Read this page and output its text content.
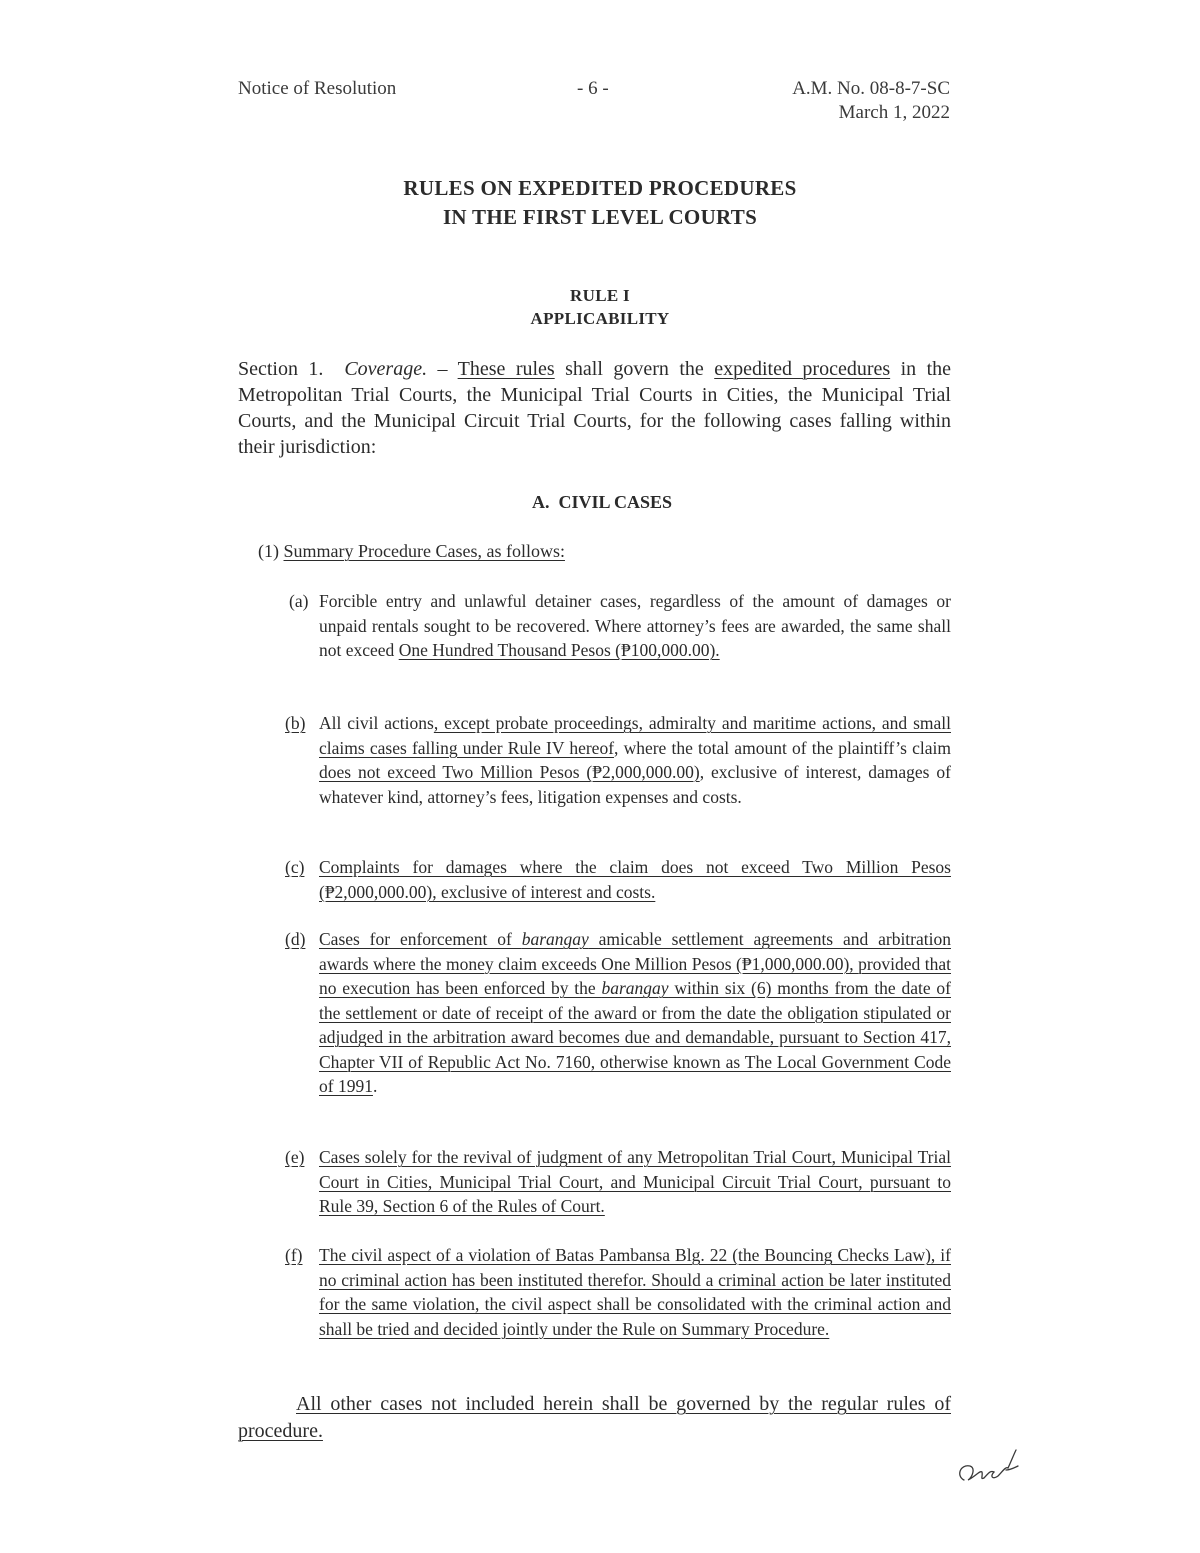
Notice of Resolution	- 6 -	A.M. No. 08-8-7-SC
March 1, 2022
RULES ON EXPEDITED PROCEDURES
IN THE FIRST LEVEL COURTS
RULE I
APPLICABILITY
Section 1. Coverage. – These rules shall govern the expedited procedures in the Metropolitan Trial Courts, the Municipal Trial Courts in Cities, the Municipal Trial Courts, and the Municipal Circuit Trial Courts, for the following cases falling within their jurisdiction:
A.  CIVIL CASES
(1) Summary Procedure Cases, as follows:
(a) Forcible entry and unlawful detainer cases, regardless of the amount of damages or unpaid rentals sought to be recovered. Where attorney’s fees are awarded, the same shall not exceed One Hundred Thousand Pesos (₱100,000.00).
(b) All civil actions, except probate proceedings, admiralty and maritime actions, and small claims cases falling under Rule IV hereof, where the total amount of the plaintiff’s claim does not exceed Two Million Pesos (₱2,000,000.00), exclusive of interest, damages of whatever kind, attorney’s fees, litigation expenses and costs.
(c) Complaints for damages where the claim does not exceed Two Million Pesos (₱2,000,000.00), exclusive of interest and costs.
(d) Cases for enforcement of barangay amicable settlement agreements and arbitration awards where the money claim exceeds One Million Pesos (₱1,000,000.00), provided that no execution has been enforced by the barangay within six (6) months from the date of the settlement or date of receipt of the award or from the date the obligation stipulated or adjudged in the arbitration award becomes due and demandable, pursuant to Section 417, Chapter VII of Republic Act No. 7160, otherwise known as The Local Government Code of 1991.
(e) Cases solely for the revival of judgment of any Metropolitan Trial Court, Municipal Trial Court in Cities, Municipal Trial Court, and Municipal Circuit Trial Court, pursuant to Rule 39, Section 6 of the Rules of Court.
(f) The civil aspect of a violation of Batas Pambansa Blg. 22 (the Bouncing Checks Law), if no criminal action has been instituted therefor. Should a criminal action be later instituted for the same violation, the civil aspect shall be consolidated with the criminal action and shall be tried and decided jointly under the Rule on Summary Procedure.
All other cases not included herein shall be governed by the regular rules of procedure.
